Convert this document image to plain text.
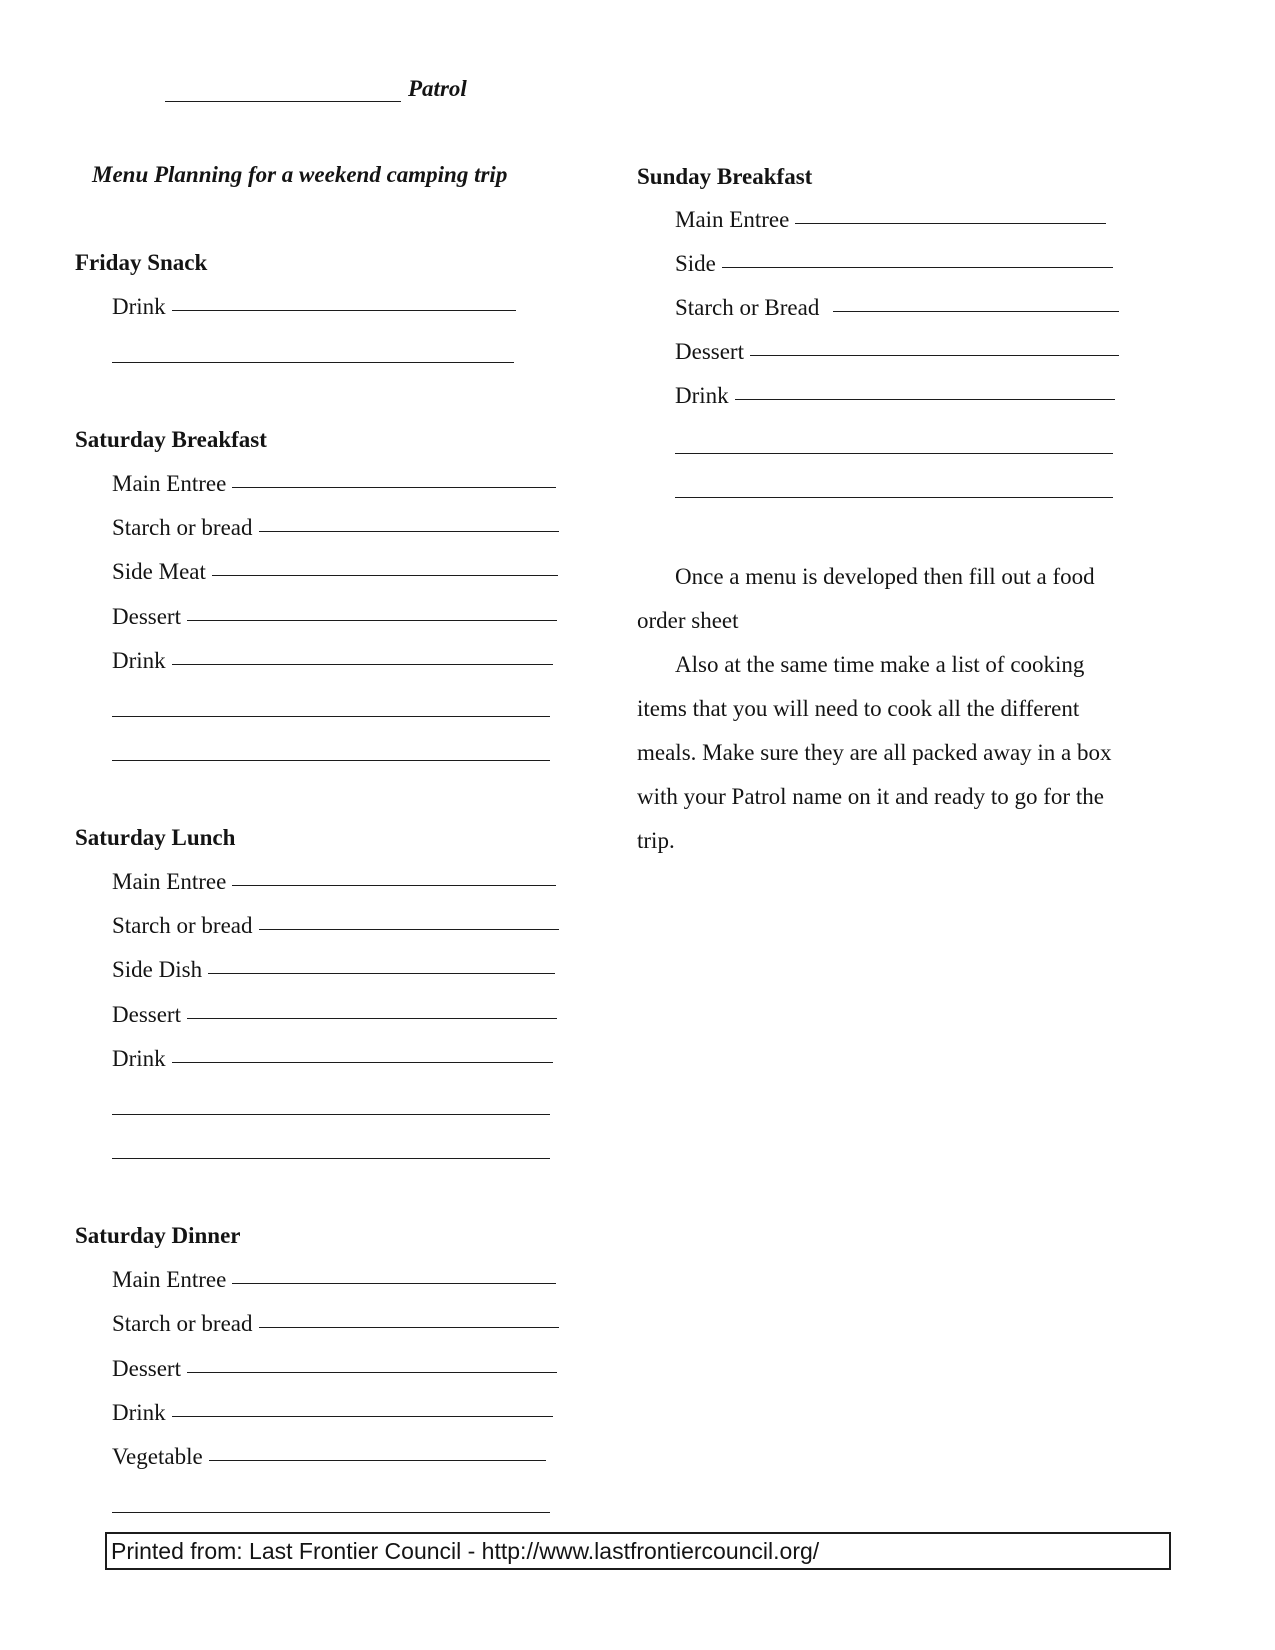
Patrol
Menu Planning for a weekend camping trip
Friday Snack
Drink
Saturday Breakfast
Main Entree
Starch or bread
Side Meat
Dessert
Drink
Saturday Lunch
Main Entree
Starch or bread
Side Dish
Dessert
Drink
Saturday Dinner
Main Entree
Starch or bread
Dessert
Drink
Vegetable
Sunday Breakfast
Main Entree
Side
Starch or Bread
Dessert
Drink

Once a menu is developed then fill out a food order sheet

Also at the same time make a list of cooking items that you will need to cook all the different meals. Make sure they are all packed away in a box with your Patrol name on it and ready to go for the trip.

Printed from: Last Frontier Council - http://www.lastfrontiercouncil.org/
